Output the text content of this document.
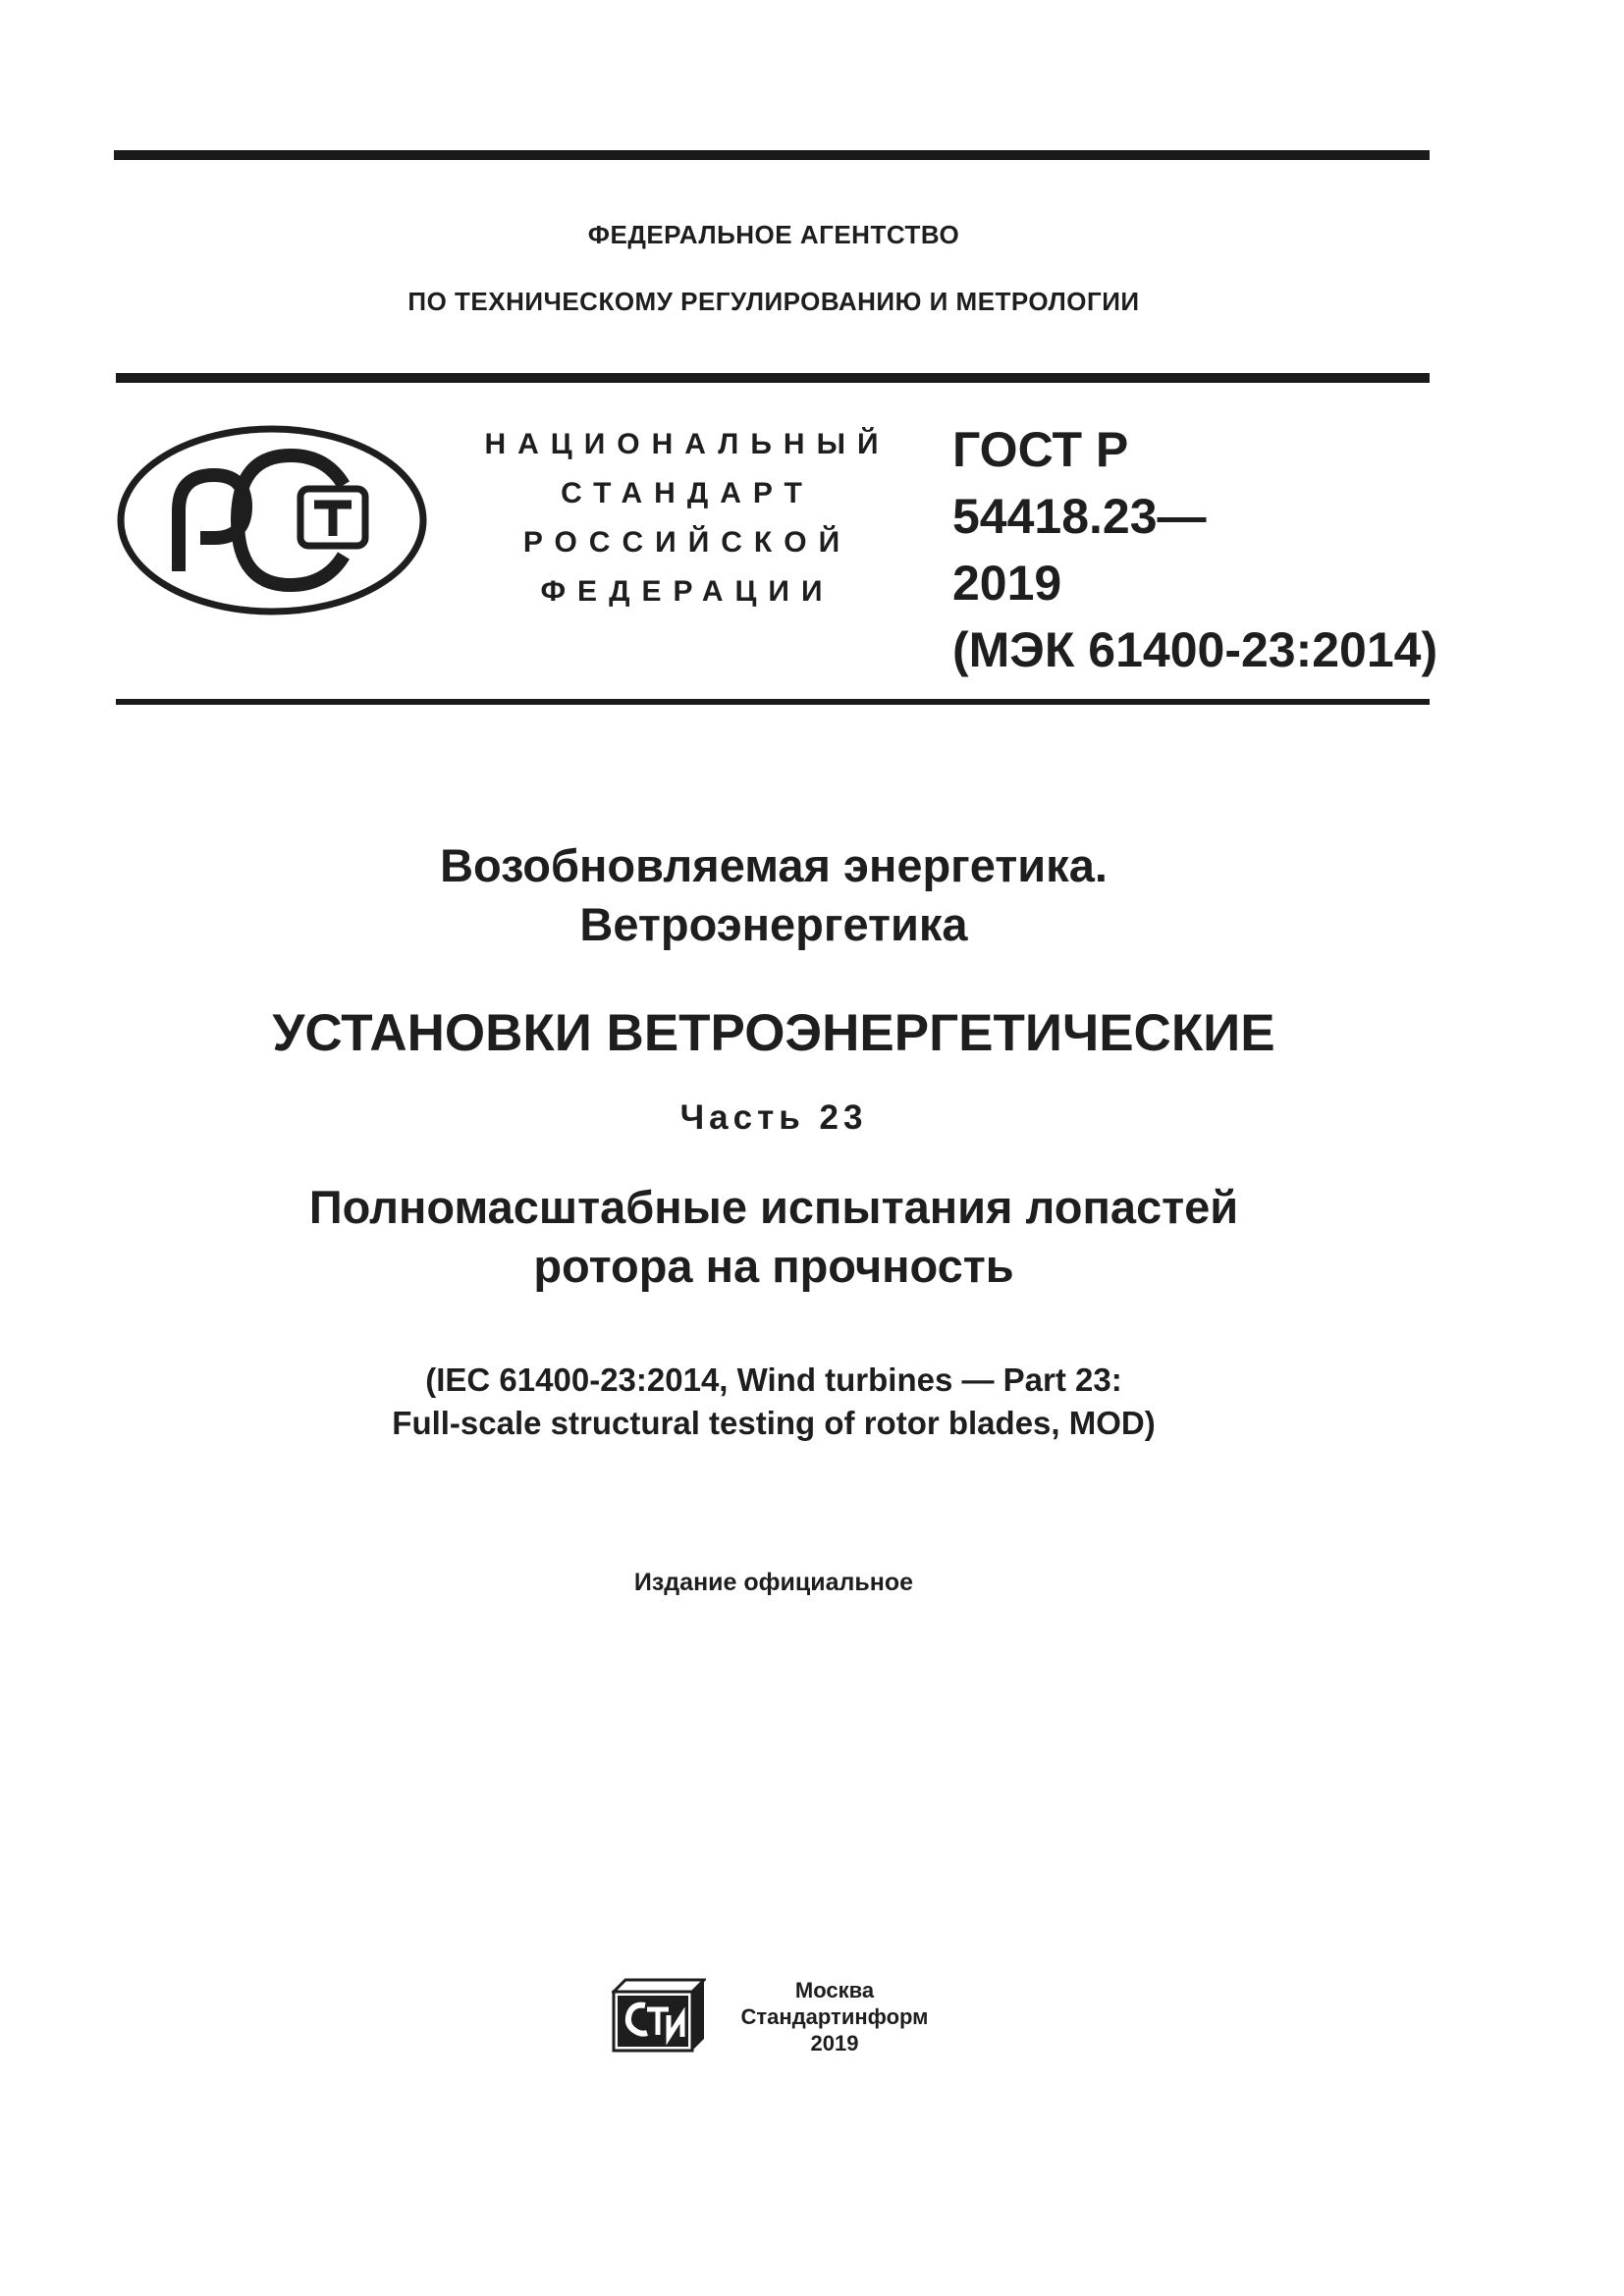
ФЕДЕРАЛЬНОЕ АГЕНТСТВО
ПО ТЕХНИЧЕСКОМУ РЕГУЛИРОВАНИЮ И МЕТРОЛОГИИ
НАЦИОНАЛЬНЫЙ
СТАНДАРТ
РОССИЙСКОЙ
ФЕДЕРАЦИИ
ГОСТ Р
54418.23—
2019
(МЭК 61400-23:2014)
Возобновляемая энергетика.
Ветроэнергетика
УСТАНОВКИ ВЕТРОЭНЕРГЕТИЧЕСКИЕ
Часть 23
Полномасштабные испытания лопастей
ротора на прочность
(IEC 61400-23:2014, Wind turbines — Part 23:
Full-scale structural testing of rotor blades, MOD)
Издание официальное
Москва
Стандартинформ
2019
